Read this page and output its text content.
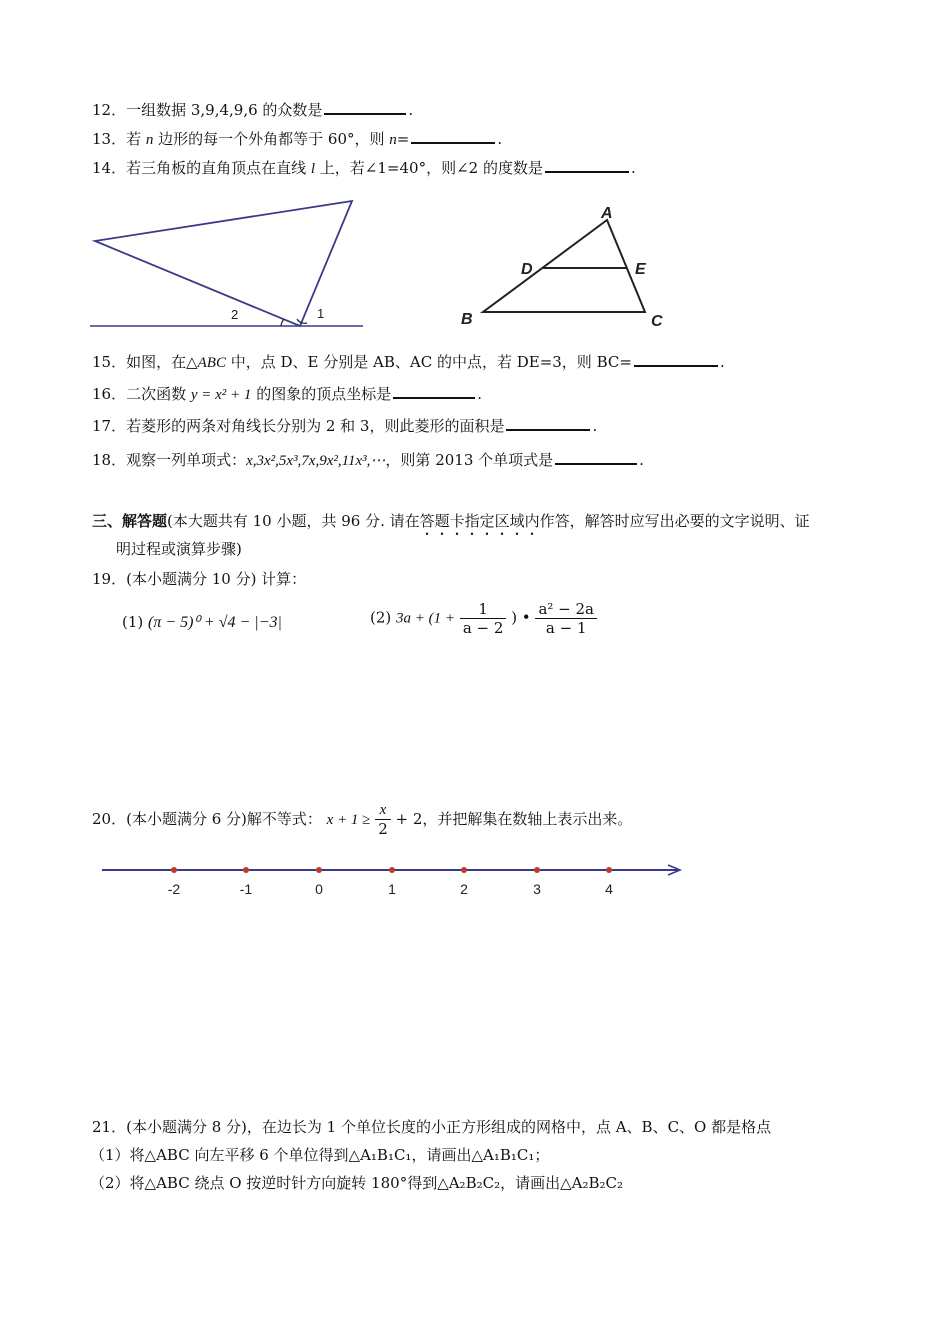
12．一组数据 3,9,4,9,6 的众数是	.
13．若 n 边形的每一个外角都等于 60°，则 n=	.
14．若三角板的直角顶点在直线 l 上，若∠1=40°，则∠2 的度数是	.
2	1
A
B	C
D	E
15．如图，在△ABC 中，点 D、E 分别是 AB、AC 的中点，若 DE=3，则 BC=	.
16．二次函数 y = x² + 1 的图象的顶点坐标是	.
17．若菱形的两条对角线长分别为 2 和 3，则此菱形的面积是	.
18．观察一列单项式：x,3x²,5x³,7x,9x²,11x³,⋯，则第 2013 个单项式是	.
三、解答题(本大题共有 10 小题，共 96 分. 请在答题卡指定区域内作答，解答时应写出必要的文字说明、证
明过程或演算步骤)
19．(本小题满分 10 分) 计算：
(1) (π − 5)⁰ + √4 − |−3|	(2) $3a + (1 + \frac{1}{a - 2}$ ) • $\frac{\text{a² − 2a}}{a - 1}$
20．(本小题满分 6 分)解不等式： $x + 1 \ge \frac{x}{2} + 2$，并把解集在数轴上表示出来。
-2	-1	0	1	2	3	4
21．(本小题满分 8 分)，在边长为 1 个单位长度的小正方形组成的网格中，点 A、B、C、O 都是格点
（1）将△ABC 向左平移 6 个单位得到△A₁B₁C₁，请画出△A₁B₁C₁；
（2）将△ABC 绕点 O 按逆时针方向旋转 180°得到△A₂B₂C₂，请画出△A₂B₂C₂
